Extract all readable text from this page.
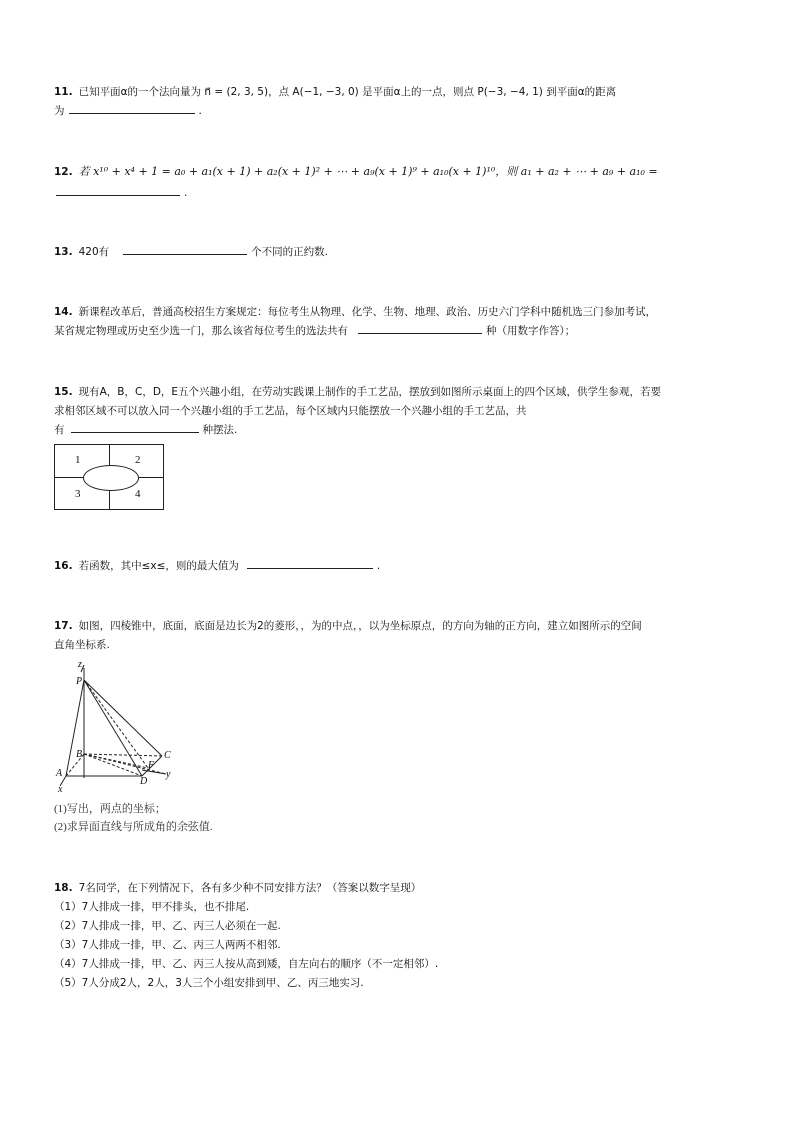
11. 已知平面α的一个法向量为 n⃗ = (2, 3, 5)，点 A(−1, −3, 0) 是平面α上的一点，则点 P(−3, −4, 1) 到平面α的距离
为	.
12. 若 x¹⁰ + x⁴ + 1 = a₀ + a₁(x + 1) + a₂(x + 1)² + ⋯ + a₉(x + 1)⁹ + a₁₀(x + 1)¹⁰，则 a₁ + a₂ + ⋯ + a₉ + a₁₀ =
.
13. 420有	个不同的正约数.
14. 新课程改革后，普通高校招生方案规定：每位考生从物理、化学、生物、地理、政治、历史六门学科中随机选三门参加考试，
某省规定物理或历史至少选一门，那么该省每位考生的选法共有	种（用数字作答）；
15. 现有A，B，C，D，E五个兴趣小组，在劳动实践课上制作的手工艺品，摆放到如图所示桌面上的四个区域，供学生参观，若要
求相邻区域不可以放入同一个兴趣小组的手工艺品，每个区域内只能摆放一个兴趣小组的手工艺品，共
有	种摆法.
1	2
3	4
16. 若函数，其中≤x≤，则的最大值为	.
17. 如图，四棱锥中，底面，底面是边长为2的菱形，，为的中点，，以为坐标原点，的方向为轴的正方向，建立如图所示的空间
直角坐标系.
z
P
B	C
A
F
y
D
x
(1)写出，两点的坐标；
(2)求异面直线与所成角的余弦值.
18. 7名同学，在下列情况下，各有多少种不同安排方法？（答案以数字呈现）
（1）7人排成一排，甲不排头，也不排尾.
（2）7人排成一排，甲、乙、丙三人必须在一起.
（3）7人排成一排，甲、乙、丙三人两两不相邻.
（4）7人排成一排，甲、乙、丙三人按从高到矮，自左向右的顺序（不一定相邻）.
（5）7人分成2人，2人，3人三个小组安排到甲、乙、丙三地实习.
